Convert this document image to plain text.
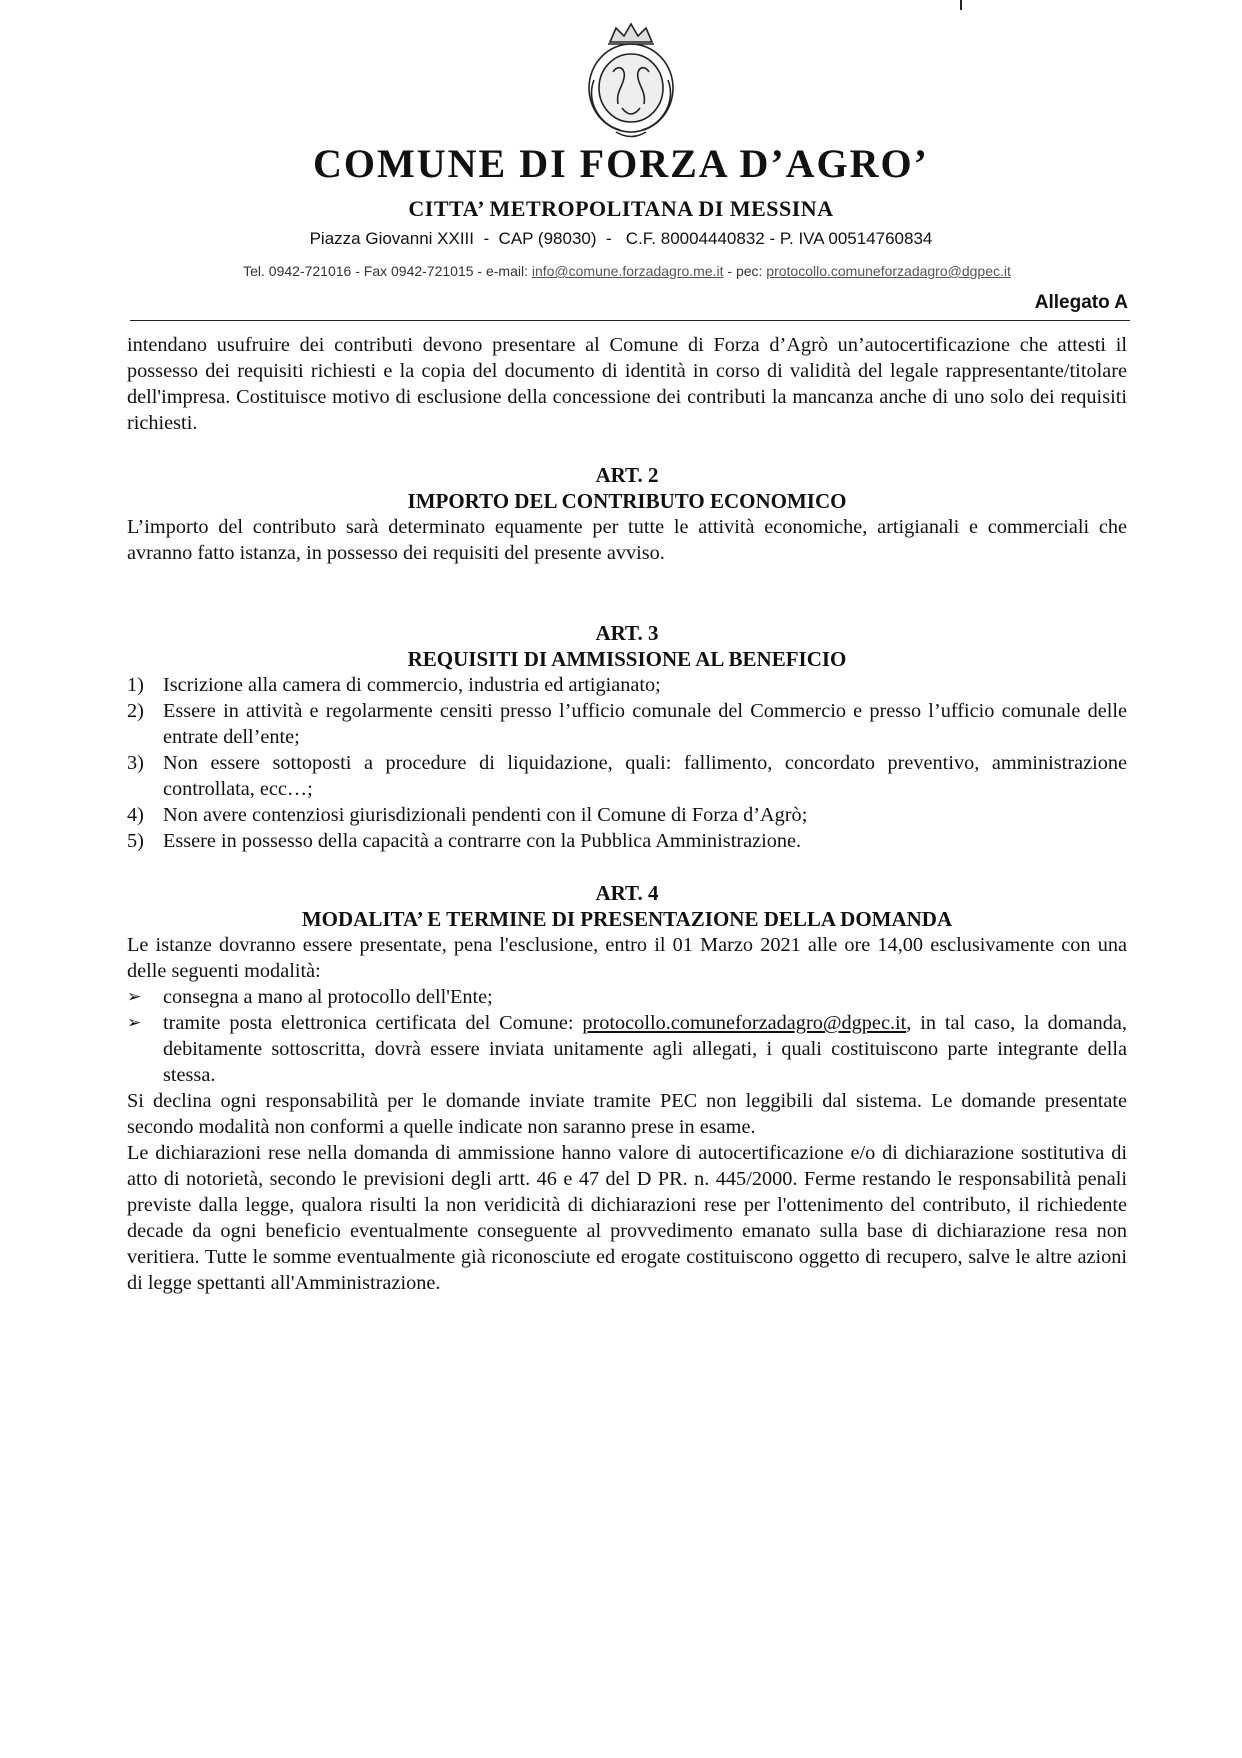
COMUNE DI FORZA D’AGRO’
CITTA’ METROPOLITANA DI MESSINA
Piazza Giovanni XXIII  -  CAP (98030)  -   C.F. 80004440832 - P. IVA 00514760834
Tel. 0942-721016 - Fax 0942-721015 - e-mail: info@comune.forzadagro.me.it - pec: protocollo.comuneforzadagro@dgpec.it
Allegato A

intendano usufruire dei contributi devono presentare al Comune di Forza d’Agrò un’autocertificazione che attesti il possesso dei requisiti richiesti e la copia del documento di identità in corso di validità del legale rappresentante/titolare dell'impresa. Costituisce motivo di esclusione della concessione dei contributi la mancanza anche di uno solo dei requisiti richiesti.

ART. 2
IMPORTO DEL CONTRIBUTO ECONOMICO

L’importo del contributo sarà determinato equamente per tutte le attività economiche, artigianali e commerciali che avranno fatto istanza, in possesso dei requisiti del presente avviso.

ART. 3
REQUISITI DI AMMISSIONE AL BENEFICIO
1) Iscrizione alla camera di commercio, industria ed artigianato;
2) Essere in attività e regolarmente censiti presso l’ufficio comunale del Commercio e presso l’ufficio comunale delle entrate dell’ente;
3) Non essere sottoposti a procedure di liquidazione, quali: fallimento, concordato preventivo, amministrazione controllata, ecc…;
4) Non avere contenziosi giurisdizionali pendenti con il Comune di Forza d’Agrò;
5) Essere in possesso della capacità a contrarre con la Pubblica Amministrazione.
ART. 4
MODALITA’ E TERMINE DI PRESENTAZIONE DELLA DOMANDA

Le istanze dovranno essere presentate, pena l'esclusione, entro il 01 Marzo 2021 alle ore 14,00 esclusivamente con una delle seguenti modalità:

➢	consegna a mano al protocollo dell'Ente;
➢	tramite posta elettronica certificata del Comune: protocollo.comuneforzadagro@dgpec.it, in tal caso, la domanda, debitamente sottoscritta, dovrà essere inviata unitamente agli allegati, i quali costituiscono parte integrante della stessa.

Si declina ogni responsabilità per le domande inviate tramite PEC non leggibili dal sistema. Le domande presentate secondo modalità non conformi a quelle indicate non saranno prese in esame.

Le dichiarazioni rese nella domanda di ammissione hanno valore di autocertificazione e/o di dichiarazione sostitutiva di atto di notorietà, secondo le previsioni degli artt. 46 e 47 del D PR. n. 445/2000. Ferme restando le responsabilità penali previste dalla legge, qualora risulti la non veridicità di dichiarazioni rese per l'ottenimento del contributo, il richiedente decade da ogni beneficio eventualmente conseguente al provvedimento emanato sulla base di dichiarazione resa non veritiera. Tutte le somme eventualmente già riconosciute ed erogate costituiscono oggetto di recupero, salve le altre azioni di legge spettanti all'Amministrazione.
